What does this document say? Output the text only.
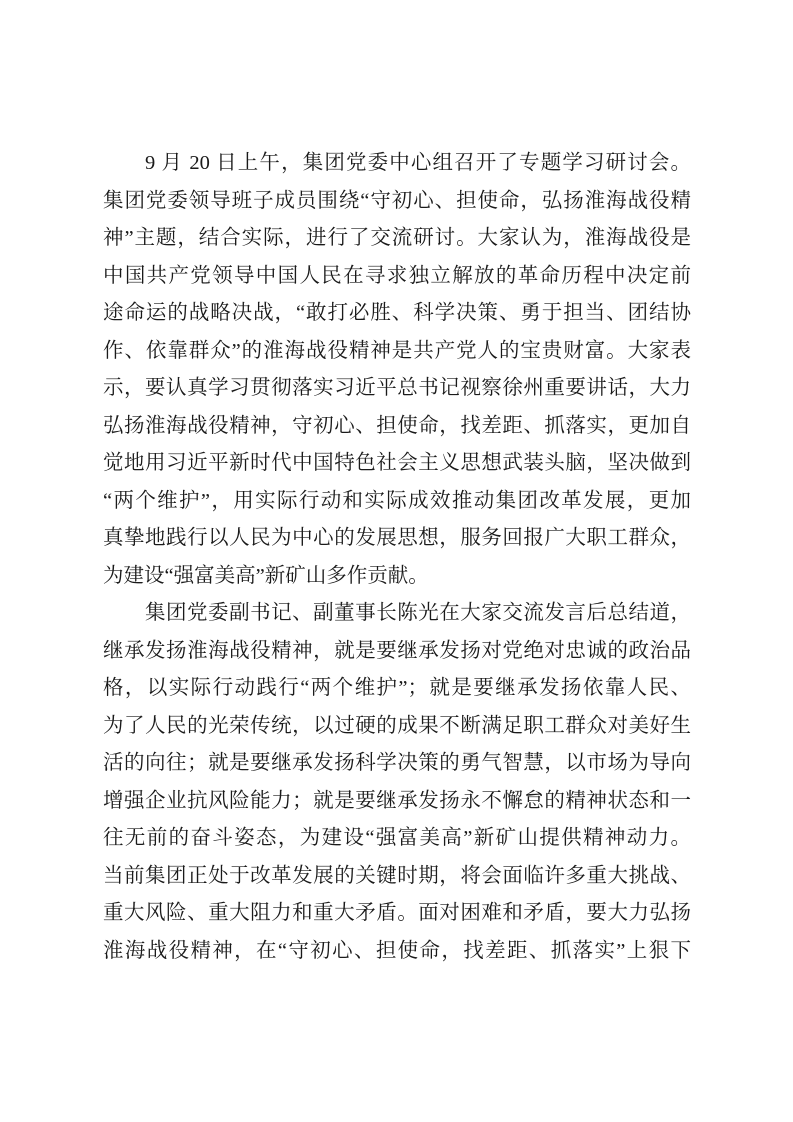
9 月 20 日上午，集团党委中心组召开了专题学习研讨会。
集团党委领导班子成员围绕“守初心、担使命，弘扬淮海战役精
神”主题，结合实际，进行了交流研讨。大家认为，淮海战役是
中国共产党领导中国人民在寻求独立解放的革命历程中决定前
途命运的战略决战，“敢打必胜、科学决策、勇于担当、团结协
作、依靠群众”的淮海战役精神是共产党人的宝贵财富。大家表
示，要认真学习贯彻落实习近平总书记视察徐州重要讲话，大力
弘扬淮海战役精神，守初心、担使命，找差距、抓落实，更加自
觉地用习近平新时代中国特色社会主义思想武装头脑，坚决做到
“两个维护”，用实际行动和实际成效推动集团改革发展，更加
真挚地践行以人民为中心的发展思想，服务回报广大职工群众，
为建设“强富美高”新矿山多作贡献。
集团党委副书记、副董事长陈光在大家交流发言后总结道，
继承发扬淮海战役精神，就是要继承发扬对党绝对忠诚的政治品
格，以实际行动践行“两个维护”；就是要继承发扬依靠人民、
为了人民的光荣传统，以过硬的成果不断满足职工群众对美好生
活的向往；就是要继承发扬科学决策的勇气智慧，以市场为导向
增强企业抗风险能力；就是要继承发扬永不懈怠的精神状态和一
往无前的奋斗姿态，为建设“强富美高”新矿山提供精神动力。
当前集团正处于改革发展的关键时期，将会面临许多重大挑战、
重大风险、重大阻力和重大矛盾。面对困难和矛盾，要大力弘扬
淮海战役精神，在“守初心、担使命，找差距、抓落实”上狠下
